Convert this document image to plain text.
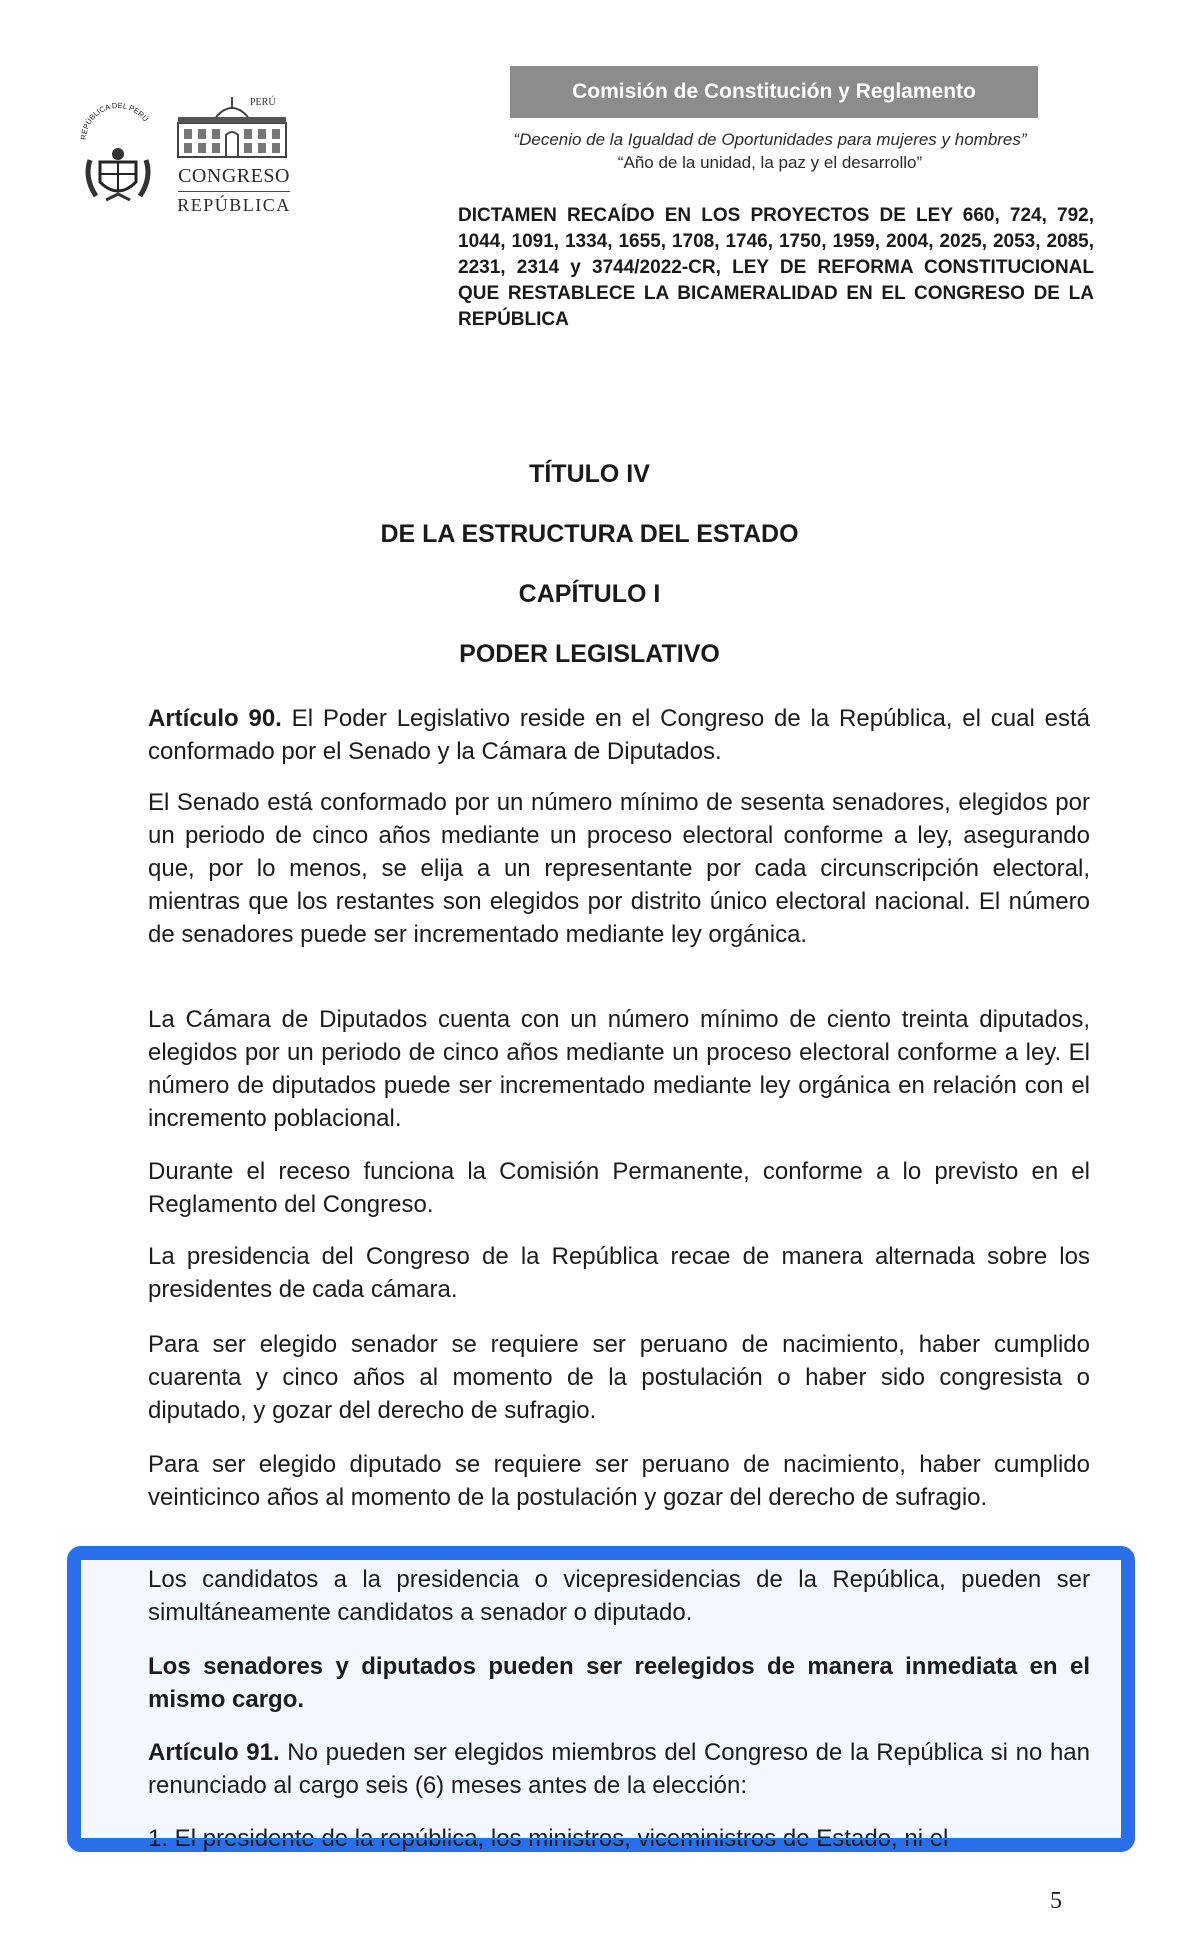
REPÚBLICA DEL PERÚ
PERÚ
CONGRESO
REPÚBLICA
Comisión de Constitución y Reglamento
“Decenio de la Igualdad de Oportunidades para mujeres y hombres”
“Año de la unidad, la paz y el desarrollo”
DICTAMEN RECAÍDO EN LOS PROYECTOS DE LEY 660, 724, 792, 1044, 1091, 1334, 1655, 1708, 1746, 1750, 1959, 2004, 2025, 2053, 2085, 2231, 2314 y 3744/2022-CR, LEY DE REFORMA CONSTITUCIONAL QUE RESTABLECE LA BICAMERALIDAD EN EL CONGRESO DE LA REPÚBLICA
TÍTULO IV
DE LA ESTRUCTURA DEL ESTADO
CAPÍTULO I
PODER LEGISLATIVO

Artículo 90. El Poder Legislativo reside en el Congreso de la República, el cual está conformado por el Senado y la Cámara de Diputados.

El Senado está conformado por un número mínimo de sesenta senadores, elegidos por un periodo de cinco años mediante un proceso electoral conforme a ley, asegurando que, por lo menos, se elija a un representante por cada circunscripción electoral, mientras que los restantes son elegidos por distrito único electoral nacional. El número de senadores puede ser incrementado mediante ley orgánica.

La Cámara de Diputados cuenta con un número mínimo de ciento treinta diputados, elegidos por un periodo de cinco años mediante un proceso electoral conforme a ley. El número de diputados puede ser incrementado mediante ley orgánica en relación con el incremento poblacional.

Durante el receso funciona la Comisión Permanente, conforme a lo previsto en el Reglamento del Congreso.

La presidencia del Congreso de la República recae de manera alternada sobre los presidentes de cada cámara.

Para ser elegido senador se requiere ser peruano de nacimiento, haber cumplido cuarenta y cinco años al momento de la postulación o haber sido congresista o diputado, y gozar del derecho de sufragio.

Para ser elegido diputado se requiere ser peruano de nacimiento, haber cumplido veinticinco años al momento de la postulación y gozar del derecho de sufragio.

Los candidatos a la presidencia o vicepresidencias de la República, pueden ser simultáneamente candidatos a senador o diputado.

Los senadores y diputados pueden ser reelegidos de manera inmediata en el mismo cargo.

Artículo 91. No pueden ser elegidos miembros del Congreso de la República si no han renunciado al cargo seis (6) meses antes de la elección:

1. El presidente de la república, los ministros, viceministros de Estado, ni el
5
